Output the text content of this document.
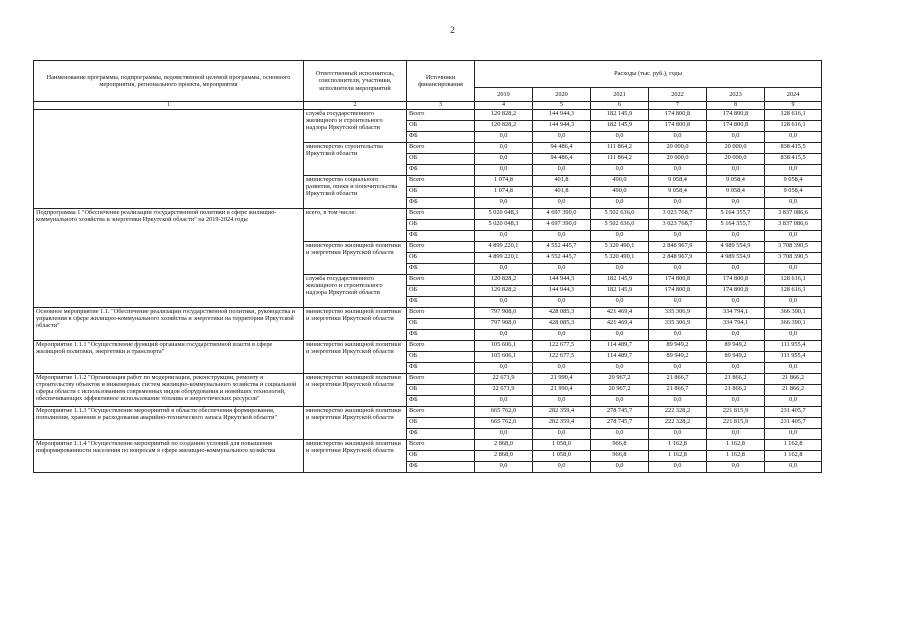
2
Наименование программы, подпрограммы, ведомственной целевой программы, основного мероприятия, регионального проекта, мероприятия	Ответственный исполнитель, соисполнители, участники, исполнители мероприятий	Источники финансирования	Расходы (тыс. руб.), годы					
			2019	2020	2021	2022	2023	2024
1	2	3	4	5	6	7	8	9
	служба государственного жилищного и строительного надзора Иркутской области	Всего	120 828,2	144 944,3	182 145,9	174 800,8	174 800,8	128 616,1
		ОБ	120 828,2	144 944,3	182 145,9	174 800,8	174 800,8	128 616,1
		ФБ	0,0	0,0	0,0	0,0	0,0	0,0
	министерство строительства Иркутской области	Всего	0,0	94 486,4	111 864,2	20 000,0	20 000,0	838 415,5
		ОБ	0,0	94 486,4	111 864,2	20 000,0	20 000,0	838 415,5
		ФБ	0,0	0,0	0,0	0,0	0,0	0,0
	министерство социального развития, опеки и попечительства Иркутской области	Всего	1 074,8	401,8	490,0	9 058,4	9 058,4	9 058,4
		ОБ	1 074,8	401,8	490,0	9 058,4	9 058,4	9 058,4
		ФБ	0,0	0,0	0,0	0,0	0,0	0,0
Подпрограмма 1 "Обеспечение реализации государственной политики в сфере жилищно-коммунального хозяйства и энергетики Иркутской области" на 2019-2024 годы	всего, в том числе:	Всего	5 020 048,3	4 697 390,0	5 502 636,0	3 023 768,7	5 164 355,7	3 837 086,6
		ОБ	5 020 048,3	4 697 390,0	5 502 636,0	3 023 768,7	5 164 355,7	3 837 086,6
		ФБ	0,0	0,0	0,0	0,0	0,0	0,0
	министерство жилищной политики и энергетики Иркутской области	Всего	4 899 220,1	4 552 445,7	5 320 490,1	2 848 967,9	4 989 554,9	3 708 390,5
		ОБ	4 899 220,1	4 552 445,7	5 320 490,1	2 848 967,9	4 989 554,9	3 708 390,5
		ФБ	0,0	0,0	0,0	0,0	0,0	0,0
	служба государственного жилищного и строительного надзора Иркутской области	Всего	120 828,2	144 944,3	182 145,9	174 800,8	174 800,8	128 616,1
		ОБ	120 828,2	144 944,3	182 145,9	174 800,8	174 800,8	128 616,1
		ФБ	0,0	0,0	0,0	0,0	0,0	0,0
Основное мероприятие 1.1. "Обеспечение реализации государственной политики, руководства и управления в сфере жилищно-коммунального хозяйства и энергетики на территории Иркутской области"	министерство жилищной политики и энергетики Иркутской области	Всего	797 908,0	428 085,3	421 469,4	335 306,9	334 794,1	366 390,1
		ОБ	797 908,0	428 085,3	421 469,4	335 306,9	334 794,1	366 390,1
		ФБ	0,0	0,0	0,0	0,0	0,0	0,0
Мероприятие 1.1.1 "Осуществление функций органами государственной власти в сфере жилищной политики, энергетики и транспорта"	министерство жилищной политики и энергетики Иркутской области	Всего	105 606,1	122 677,5	114 489,7	89 949,2	89 949,2	111 955,4
		ОБ	105 606,1	122 677,5	114 489,7	89 949,2	89 949,2	111 955,4
		ФБ	0,0	0,0	0,0	0,0	0,0	0,0
Мероприятие 1.1.2 "Организация работ по модернизации, реконструкции, ремонту и строительству объектов и инженерных систем жилищно-коммунального хозяйства и социальной сферы области с использованием современных видов оборудования и новейших технологий, обеспечивающих эффективное использование топлива и энергетических ресурсов"	министерство жилищной политики и энергетики Иркутской области	Всего	22 671,9	21 990,4	20 967,2	21 866,7	21 866,2	21 866,2
		ОБ	22 671,9	21 990,4	20 967,2	21 866,7	21 866,2	21 866,2
		ФБ	0,0	0,0	0,0	0,0	0,0	0,0
Мероприятие 1.1.3 "Осуществление мероприятий в области обеспечения формирования, пополнения, хранения и расходования аварийно-технического запаса Иркутской области"	министерство жилищной политики и энергетики Иркутской области	Всего	665 762,0	282 359,4	278 745,7	222 328,2	221 815,9	231 405,7
		ОБ	665 762,0	282 359,4	278 745,7	222 328,2	221 815,9	231 405,7
		ФБ	0,0	0,0	0,0	0,0	0,0	0,0
Мероприятие 1.1.4 "Осуществление мероприятий по созданию условий для повышения информированности населения по вопросам в сфере жилищно-коммунального хозяйства	министерство жилищной политики и энергетики Иркутской области	Всего	2 868,0	1 058,0	966,8	1 162,8	1 162,8	1 162,8
		ОБ	2 868,0	1 058,0	966,8	1 162,8	1 162,8	1 162,8
		ФБ	0,0	0,0	0,0	0,0	0,0	0,0
